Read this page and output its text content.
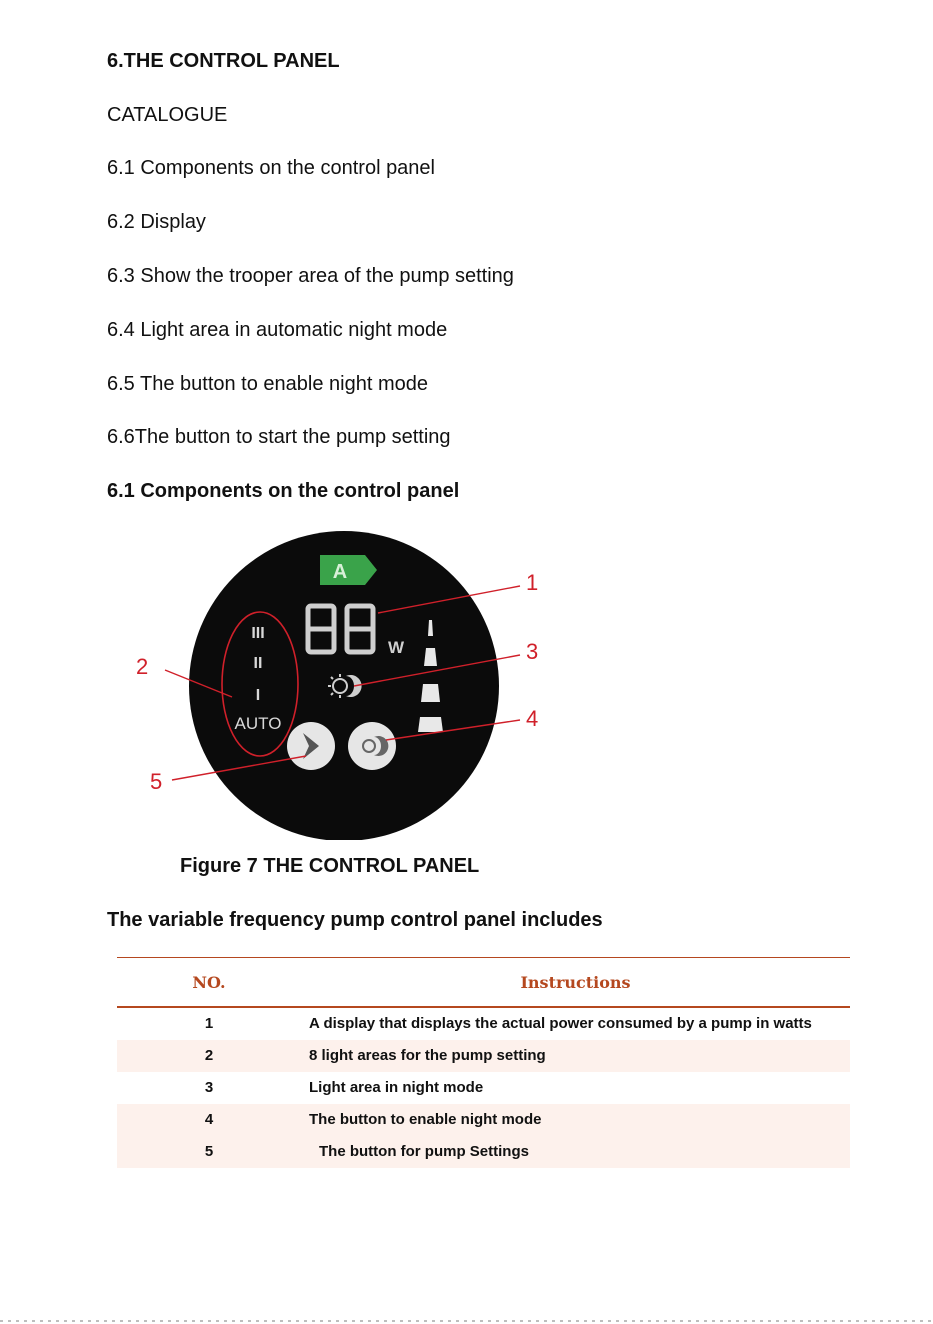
6.THE CONTROL PANEL
CATALOGUE
6.1 Components on the control panel
6.2 Display
6.3 Show the trooper area of the pump setting
6.4 Light area in automatic night mode
6.5 The button to enable night mode
6.6The button to start the pump setting
6.1 Components on the control panel
A
W
III
II
I
AUTO
1
2
3
4
5
Figure 7 THE CONTROL PANEL
The variable frequency pump control panel includes
NO.	Instructions
1	A display that displays the actual power consumed by a pump in watts
2	8 light areas for the pump setting
3	Light area in night mode
4	The button to enable night mode
5	The button for pump Settings
